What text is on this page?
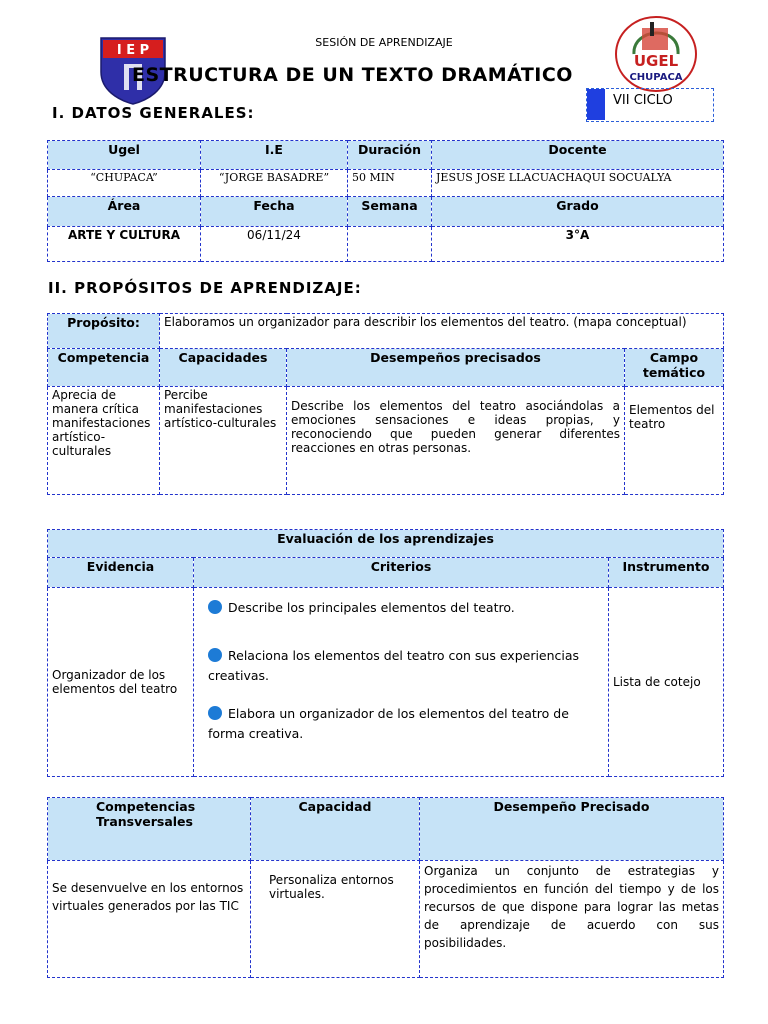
I E P
UGEL
CHUPACA
SESIÓN DE APRENDIZAJE
ESTRUCTURA DE UN TEXTO DRAMÁTICO
VII CICLO
I. DATOS GENERALES:
Ugel	I.E	Duración	Docente
“CHUPACA”	“JORGE BASADRE”	50 MIN	JESUS JOSE LLACUACHAQUI SOCUALYA
Área	Fecha	Semana	Grado
ARTE Y CULTURA	06/11/24		3°A
II. PROPÓSITOS DE APRENDIZAJE:
Propósito:	Elaboramos un organizador para describir los elementos del teatro. (mapa conceptual)		
Competencia	Capacidades	Desempeños precisados	Campo temático
Aprecia de manera crítica manifestaciones artístico-culturales	Percibe manifestaciones artístico-culturales	Describe los elementos del teatro asociándolas a emociones sensaciones e ideas propias, y reconociendo que pueden generar diferentes reacciones en otras personas.	Elementos del teatro
Evaluación de los aprendizajes		
Evidencia	Criterios	Instrumento
Organizador de los elementos del teatro	Describe los principales elementos del teatro.

Relaciona los elementos del teatro con sus experiencias creativas.

Elabora un organizador de los elementos del teatro de forma creativa.	Lista de cotejo
Competencias Transversales	Capacidad	Desempeño Precisado
Se desenvuelve en los entornos virtuales generados por las TIC	Personaliza entornos virtuales.	Organiza un conjunto de estrategias y procedimientos en función del tiempo y de los recursos de que dispone para lograr las metas de aprendizaje de acuerdo con sus posibilidades.
